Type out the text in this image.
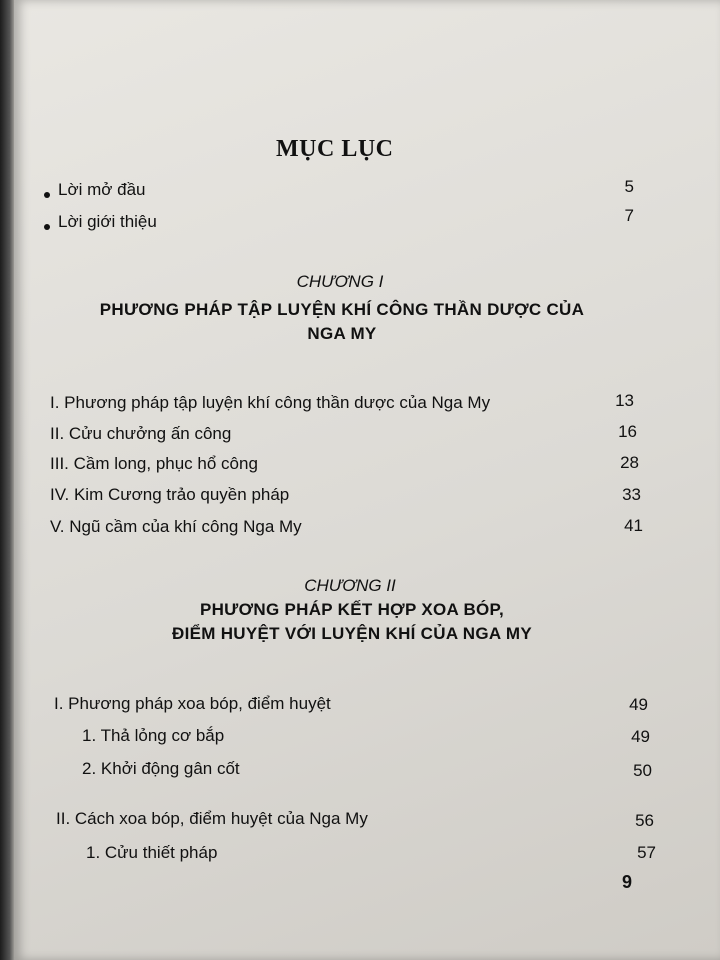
MỤC LỤC
Lời mở đầu	5
Lời giới thiệu	7
CHƯƠNG I
PHƯƠNG PHÁP TẬP LUYỆN KHÍ CÔNG THẦN DƯỢC CỦA
NGA MY
I. Phương pháp tập luyện khí công thần dược của Nga My	13
II. Cửu chưởng ấn công	16
III. Cầm long, phục hổ công	28
IV. Kim Cương trảo quyền pháp	33
V. Ngũ cầm của khí công Nga My	41
CHƯƠNG II
PHƯƠNG PHÁP KẾT HỢP XOA BÓP,
ĐIỂM HUYỆT VỚI LUYỆN KHÍ CỦA NGA MY
I. Phương pháp xoa bóp, điểm huyệt	49
1. Thả lỏng cơ bắp	49
2. Khởi động gân cốt	50
II. Cách xoa bóp, điểm huyệt của Nga My	56
1. Cửu thiết pháp	57
9
